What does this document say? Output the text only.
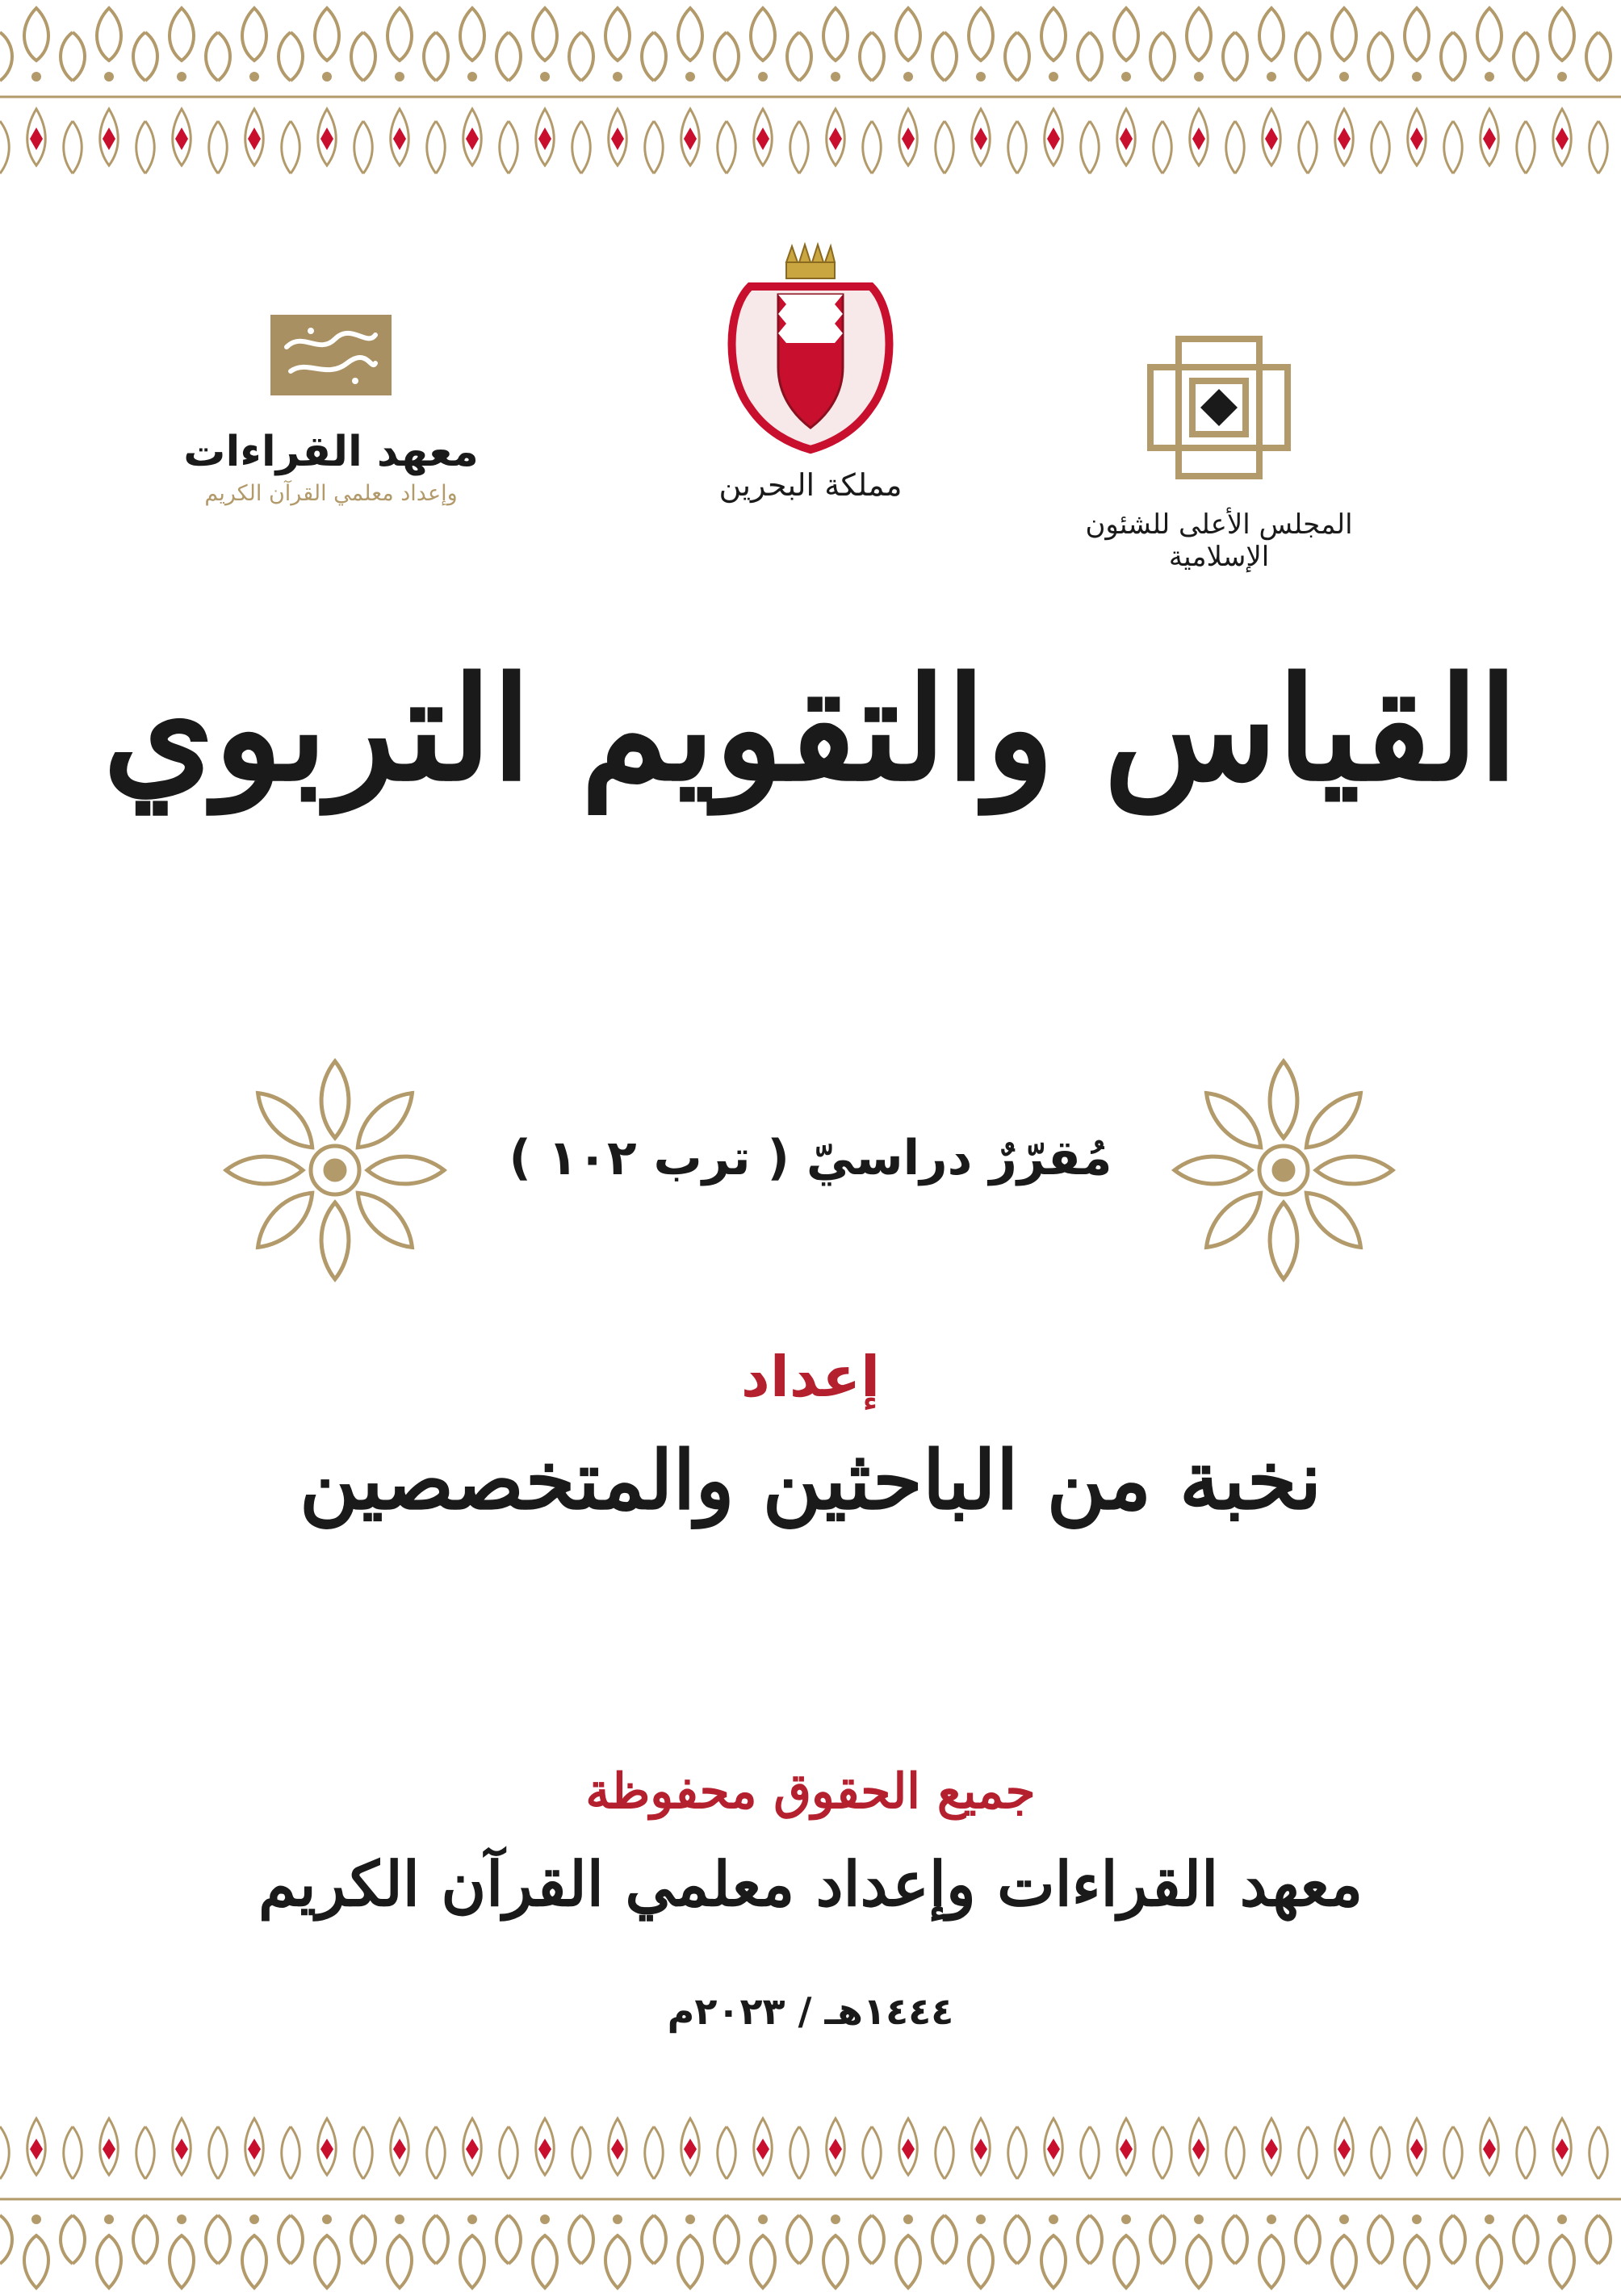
المجلس الأعلى للشئون الإسلامية
مملكة البحرين
معهد القراءات
وإعداد معلمي القرآن الكريم
القياس والتقويم التربوي
مُقرّرٌ دراسيّ ( ترب ١٠٢ )
إعداد
نخبة من الباحثين والمتخصصين
جميع الحقوق محفوظة
معهد القراءات وإعداد معلمي القرآن الكريم
١٤٤٤هـ / ٢٠٢٣م
